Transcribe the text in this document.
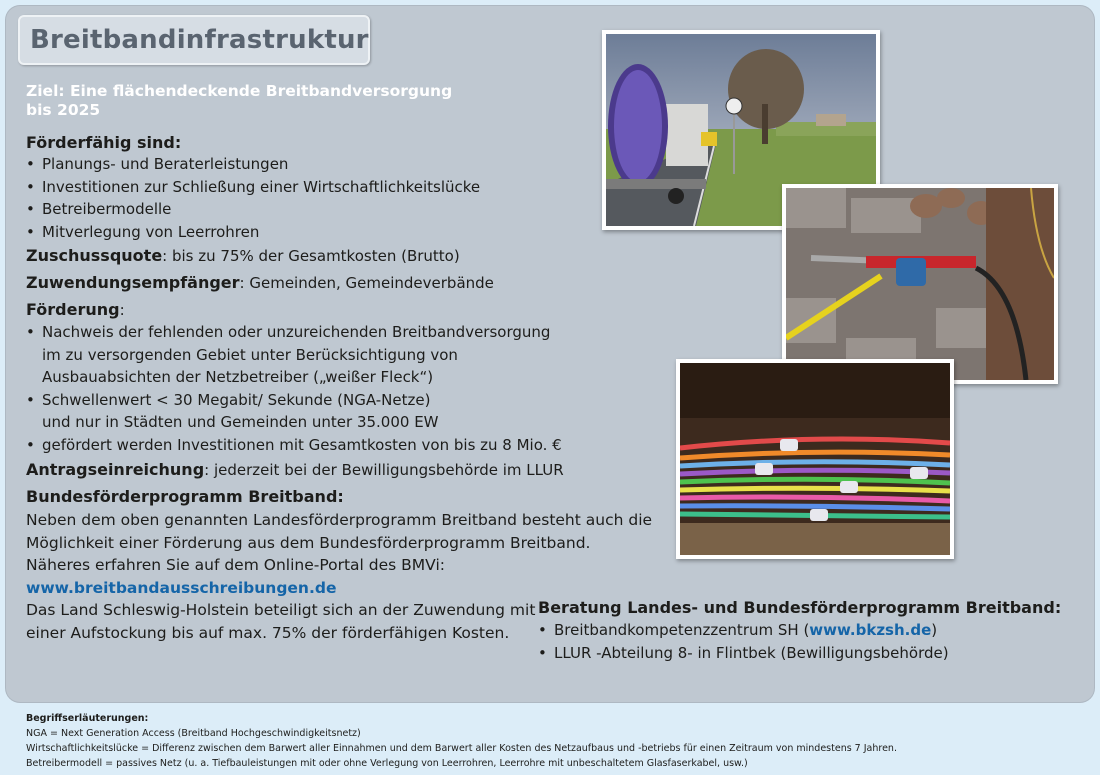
Breitbandinfrastruktur
Ziel: Eine flächendeckende Breitbandversorgung
bis 2025
Förderfähig sind:
• Planungs- und Beraterleistungen
• Investitionen zur Schließung einer Wirtschaftlichkeitslücke
• Betreibermodelle
• Mitverlegung von Leerrohren
Zuschussquote: bis zu 75% der Gesamtkosten (Brutto)
Zuwendungsempfänger: Gemeinden, Gemeindeverbände
Förderung:
• Nachweis der fehlenden oder unzureichenden Breitbandversorgung
im zu versorgenden Gebiet unter Berücksichtigung von
Ausbauabsichten der Netzbetreiber („weißer Fleck“)
• Schwellenwert < 30 Megabit/ Sekunde (NGA-Netze)
und nur in Städten und Gemeinden unter 35.000 EW
• gefördert werden Investitionen mit Gesamtkosten von bis zu 8 Mio. €
Antragseinreichung: jederzeit bei der Bewilligungsbehörde im LLUR
Bundesförderprogramm Breitband:
Neben dem oben genannten Landesförderprogramm Breitband besteht auch die
Möglichkeit einer Förderung aus dem Bundesförderprogramm Breitband.
Näheres erfahren Sie auf dem Online-Portal des BMVi:
www.breitbandausschreibungen.de
Das Land Schleswig-Holstein beteiligt sich an der Zuwendung mit
einer Aufstockung bis auf max. 75% der förderfähigen Kosten.
Beratung Landes- und Bundesförderprogramm Breitband:
• Breitbandkompetenzzentrum SH (www.bkzsh.de)
• LLUR -Abteilung 8- in Flintbek (Bewilligungsbehörde)
Begriffserläuterungen:
NGA = Next Generation Access (Breitband Hochgeschwindigkeitsnetz)
Wirtschaftlichkeitslücke = Differenz zwischen dem Barwert aller Einnahmen und dem Barwert aller Kosten des Netzaufbaus und -betriebs für einen Zeitraum von mindestens 7 Jahren.
Betreibermodell = passives Netz (u. a. Tiefbauleistungen mit oder ohne Verlegung von Leerrohren, Leerrohre mit unbeschaltetem Glasfaserkabel, usw.)
